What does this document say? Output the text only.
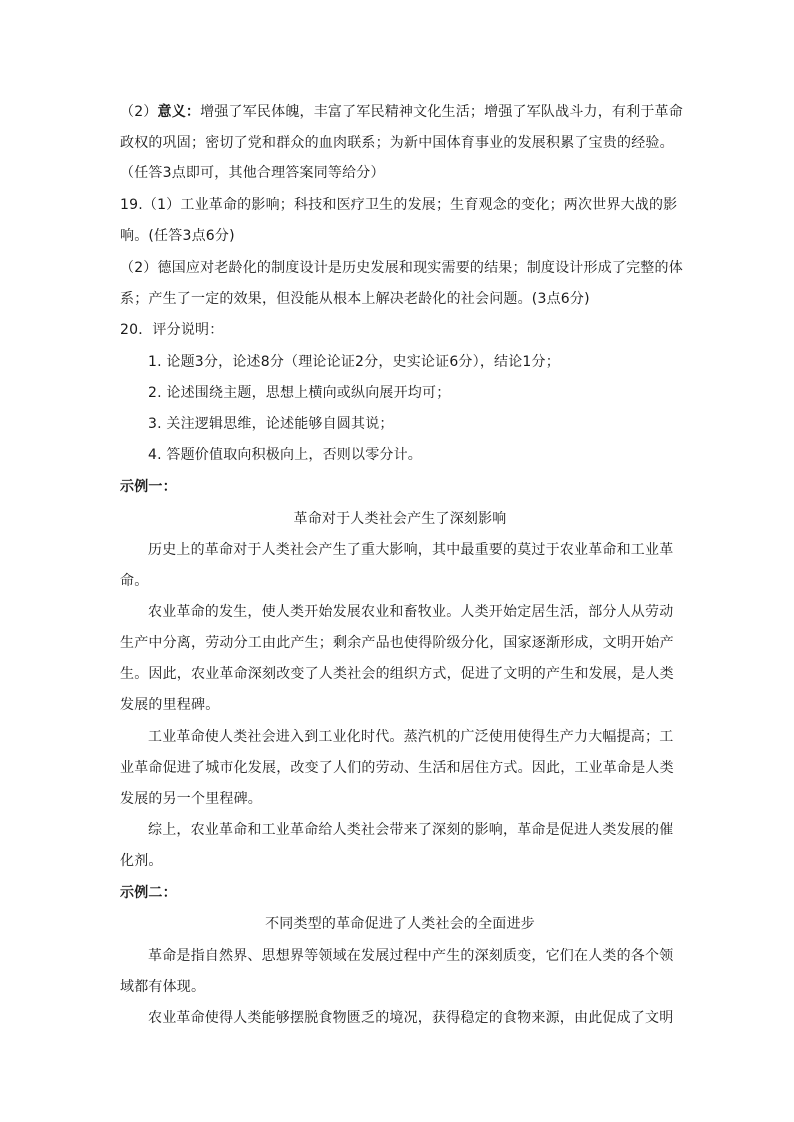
（2）意义：增强了军民体魄，丰富了军民精神文化生活；增强了军队战斗力，有利于革命
政权的巩固；密切了党和群众的血肉联系；为新中国体育事业的发展积累了宝贵的经验。
（任答3点即可，其他合理答案同等给分）
19.（1）工业革命的影响；科技和医疗卫生的发展；生育观念的变化；两次世界大战的影
响。(任答3点6分)
（2）德国应对老龄化的制度设计是历史发展和现实需要的结果；制度设计形成了完整的体
系；产生了一定的效果，但没能从根本上解决老龄化的社会问题。(3点6分)
20．评分说明：
1. 论题3分，论述8分（理论论证2分，史实论证6分），结论1分；
2. 论述围绕主题，思想上横向或纵向展开均可；
3. 关注逻辑思维，论述能够自圆其说；
4. 答题价值取向积极向上，否则以零分计。
示例一：
革命对于人类社会产生了深刻影响
历史上的革命对于人类社会产生了重大影响，其中最重要的莫过于农业革命和工业革
命。
农业革命的发生，使人类开始发展农业和畜牧业。人类开始定居生活，部分人从劳动
生产中分离，劳动分工由此产生；剩余产品也使得阶级分化，国家逐渐形成，文明开始产
生。因此，农业革命深刻改变了人类社会的组织方式，促进了文明的产生和发展，是人类
发展的里程碑。
工业革命使人类社会进入到工业化时代。蒸汽机的广泛使用使得生产力大幅提高；工
业革命促进了城市化发展，改变了人们的劳动、生活和居住方式。因此，工业革命是人类
发展的另一个里程碑。
综上，农业革命和工业革命给人类社会带来了深刻的影响，革命是促进人类发展的催
化剂。
示例二：
不同类型的革命促进了人类社会的全面进步
革命是指自然界、思想界等领域在发展过程中产生的深刻质变，它们在人类的各个领
域都有体现。
农业革命使得人类能够摆脱食物匮乏的境况，获得稳定的食物来源，由此促成了文明
